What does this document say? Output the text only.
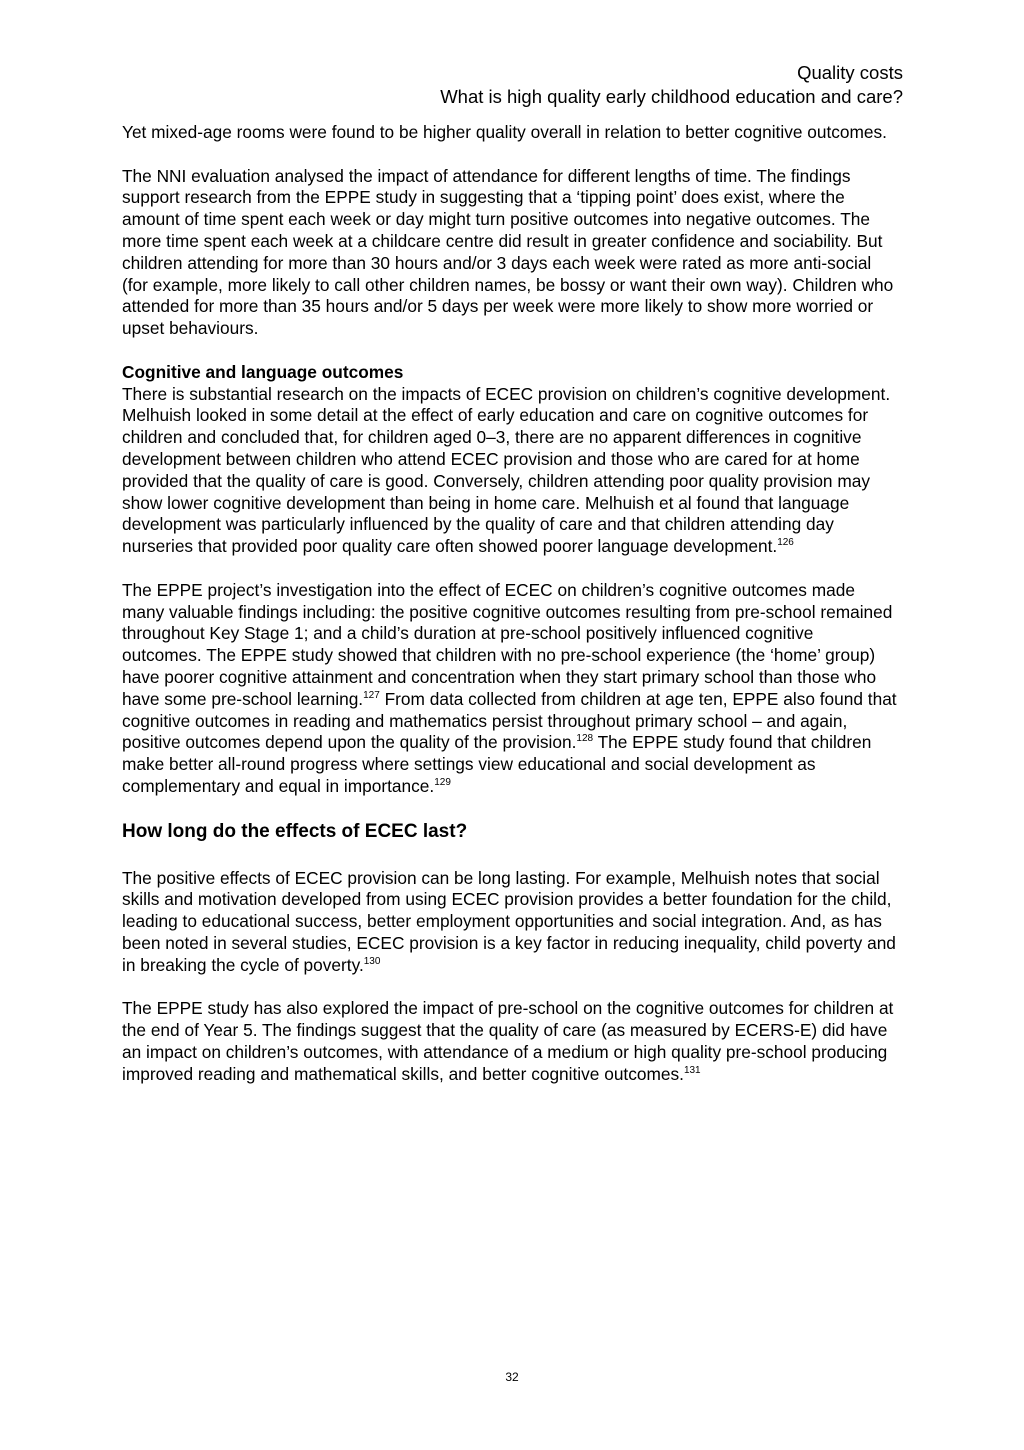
Quality costs
What is high quality early childhood education and care?

Yet mixed-age rooms were found to be higher quality overall in relation to better cognitive outcomes.

The NNI evaluation analysed the impact of attendance for different lengths of time. The findings support research from the EPPE study in suggesting that a ‘tipping point’ does exist, where the amount of time spent each week or day might turn positive outcomes into negative outcomes. The more time spent each week at a childcare centre did result in greater confidence and sociability. But children attending for more than 30 hours and/or 3 days each week were rated as more anti-social (for example, more likely to call other children names, be bossy or want their own way). Children who attended for more than 35 hours and/or 5 days per week were more likely to show more worried or upset behaviours.

Cognitive and language outcomes

There is substantial research on the impacts of ECEC provision on children’s cognitive development. Melhuish looked in some detail at the effect of early education and care on cognitive outcomes for children and concluded that, for children aged 0–3, there are no apparent differences in cognitive development between children who attend ECEC provision and those who are cared for at home provided that the quality of care is good. Conversely, children attending poor quality provision may show lower cognitive development than being in home care. Melhuish et al found that language development was particularly influenced by the quality of care and that children attending day nurseries that provided poor quality care often showed poorer language development.$^{126}$

The EPPE project’s investigation into the effect of ECEC on children’s cognitive outcomes made many valuable findings including: the positive cognitive outcomes resulting from pre-school remained throughout Key Stage 1; and a child’s duration at pre-school positively influenced cognitive outcomes. The EPPE study showed that children with no pre-school experience (the ‘home’ group) have poorer cognitive attainment and concentration when they start primary school than those who have some pre-school learning.$^{127}$ From data collected from children at age ten, EPPE also found that cognitive outcomes in reading and mathematics persist throughout primary school – and again, positive outcomes depend upon the quality of the provision.$^{128}$ The EPPE study found that children make better all-round progress where settings view educational and social development as complementary and equal in importance.$^{129}$

How long do the effects of ECEC last?

The positive effects of ECEC provision can be long lasting. For example, Melhuish notes that social skills and motivation developed from using ECEC provision provides a better foundation for the child, leading to educational success, better employment opportunities and social integration. And, as has been noted in several studies, ECEC provision is a key factor in reducing inequality, child poverty and in breaking the cycle of poverty.$^{130}$

The EPPE study has also explored the impact of pre-school on the cognitive outcomes for children at the end of Year 5. The findings suggest that the quality of care (as measured by ECERS-E) did have an impact on children’s outcomes, with attendance of a medium or high quality pre-school producing improved reading and mathematical skills, and better cognitive outcomes.$^{131}$

32
